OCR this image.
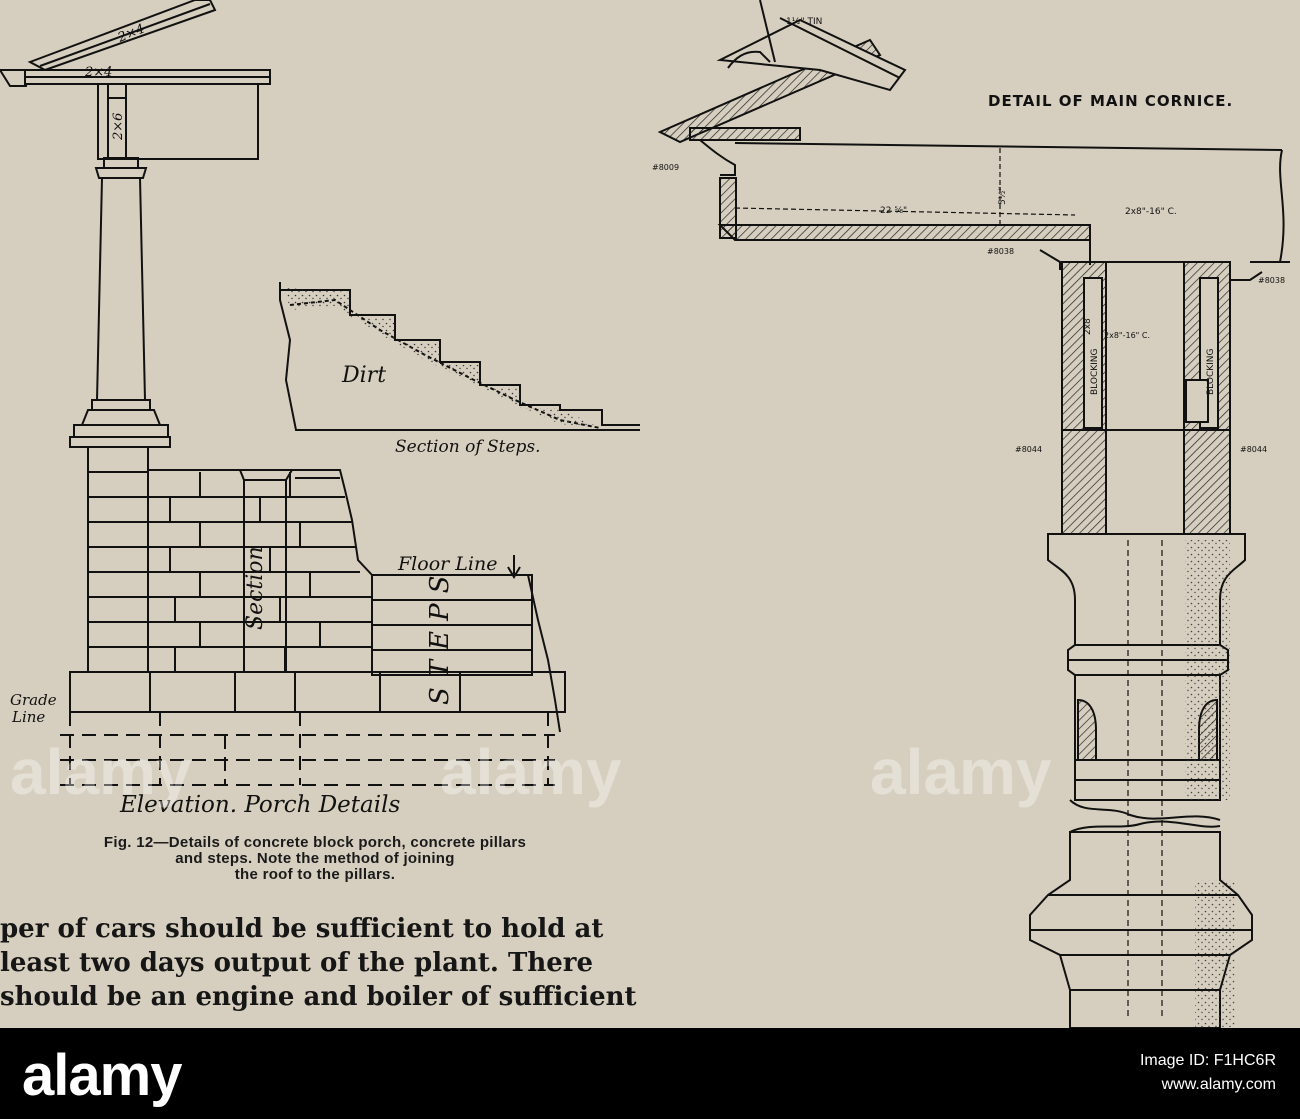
2×4
2×4
2×6
Section	STEPS
Floor Line
Grade
Line
Elevation. Porch Details
Dirt
Section of Steps.
DETAIL OF MAIN CORNICE.
1½" TIN
22 ⅝"
5½"
2x8"-16" C.
#8009
#8038
#8038
BLOCKING	BLOCKING
2x8
2x8"-16" C.
#8044	#8044
Fig. 12—Details of concrete block porch, concrete pillars
and steps. Note the method of joining
the roof to the pillars.
per of cars should be sufficient to hold at
least two days output of the plant. There
should be an engine and boiler of sufficient
alamy	alamy	alamy
alamy	Image ID: F1HC6R
www.alamy.com
